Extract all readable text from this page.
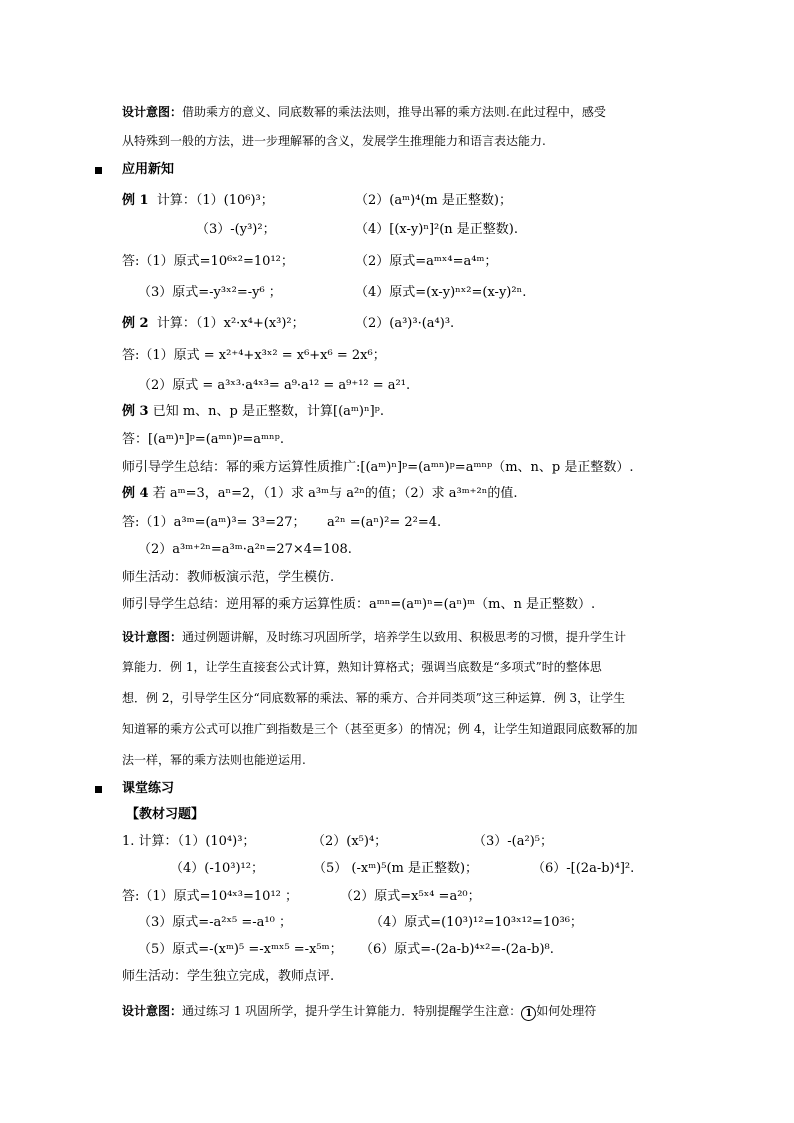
设计意图：借助乘方的意义、同底数幂的乘法法则，推导出幂的乘方法则.在此过程中，感受
从特殊到一般的方法，进一步理解幂的含义，发展学生推理能力和语言表达能力.
应用新知
例 1 计算：（1）(10⁶)³；	（2）(aᵐ)⁴(m 是正整数)；
（3）-(y³)²；	（4）[(x-y)ⁿ]²(n 是正整数).
答:（1）原式=10⁶ˣ²=10¹²；	（2）原式=aᵐˣ⁴=a⁴ᵐ；
（3）原式=-y³ˣ²=-y⁶ ；	（4）原式=(x-y)ⁿˣ²=(x-y)²ⁿ.
例 2 计算：（1）x²·x⁴+(x³)²；	（2）(a³)³·(a⁴)³.
答:（1）原式 = x²⁺⁴+x³ˣ² = x⁶+x⁶ = 2x⁶；
（2）原式 = a³ˣ³·a⁴ˣ³= a⁹·a¹² = a⁹⁺¹² = a²¹.
例 3 已知 m、n、p 是正整数，计算[(aᵐ)ⁿ]ᵖ.
答：[(aᵐ)ⁿ]ᵖ=(aᵐⁿ)ᵖ=aᵐⁿᵖ.
师引导学生总结：幂的乘方运算性质推广:[(aᵐ)ⁿ]ᵖ=(aᵐⁿ)ᵖ=aᵐⁿᵖ（m、n、p 是正整数）.
例 4 若 aᵐ=3，aⁿ=2，（1）求 a³ᵐ与 a²ⁿ的值；（2）求 a³ᵐ⁺²ⁿ的值.
答:（1）a³ᵐ=(aᵐ)³= 3³=27； a²ⁿ =(aⁿ)²= 2²=4.
（2）a³ᵐ⁺²ⁿ=a³ᵐ·a²ⁿ=27×4=108.
师生活动：教师板演示范，学生模仿.
师引导学生总结：逆用幂的乘方运算性质：aᵐⁿ=(aᵐ)ⁿ=(aⁿ)ᵐ（m、n 是正整数）.
设计意图：通过例题讲解，及时练习巩固所学，培养学生以致用、积极思考的习惯，提升学生计
算能力．例 1，让学生直接套公式计算，熟知计算格式；强调当底数是“多项式”时的整体思
想．例 2，引导学生区分“同底数幂的乘法、幂的乘方、合并同类项”这三种运算．例 3，让学生
知道幂的乘方公式可以推广到指数是三个（甚至更多）的情况；例 4，让学生知道跟同底数幂的加
法一样，幂的乘方法则也能逆运用.
课堂练习
【教材习题】
1. 计算：（1）(10⁴)³；	（2）(x⁵)⁴；	（3）-(a²)⁵；
（4）(-10³)¹²；	（5） (-xᵐ)⁵(m 是正整数)；	（6）-[(2a-b)⁴]².
答:（1）原式=10⁴ˣ³=10¹² ；	（2）原式=x⁵ˣ⁴ =a²⁰；
（3）原式=-a²ˣ⁵ =-a¹⁰ ；	（4）原式=(10³)¹²=10³ˣ¹²=10³⁶；
（5）原式=-(xᵐ)⁵ =-xᵐˣ⁵ =-x⁵ᵐ； （6）原式=-(2a-b)⁴ˣ²=-(2a-b)⁸.
师生活动：学生独立完成，教师点评.
设计意图：通过练习 1 巩固所学，提升学生计算能力．特别提醒学生注意： 1 如何处理符
